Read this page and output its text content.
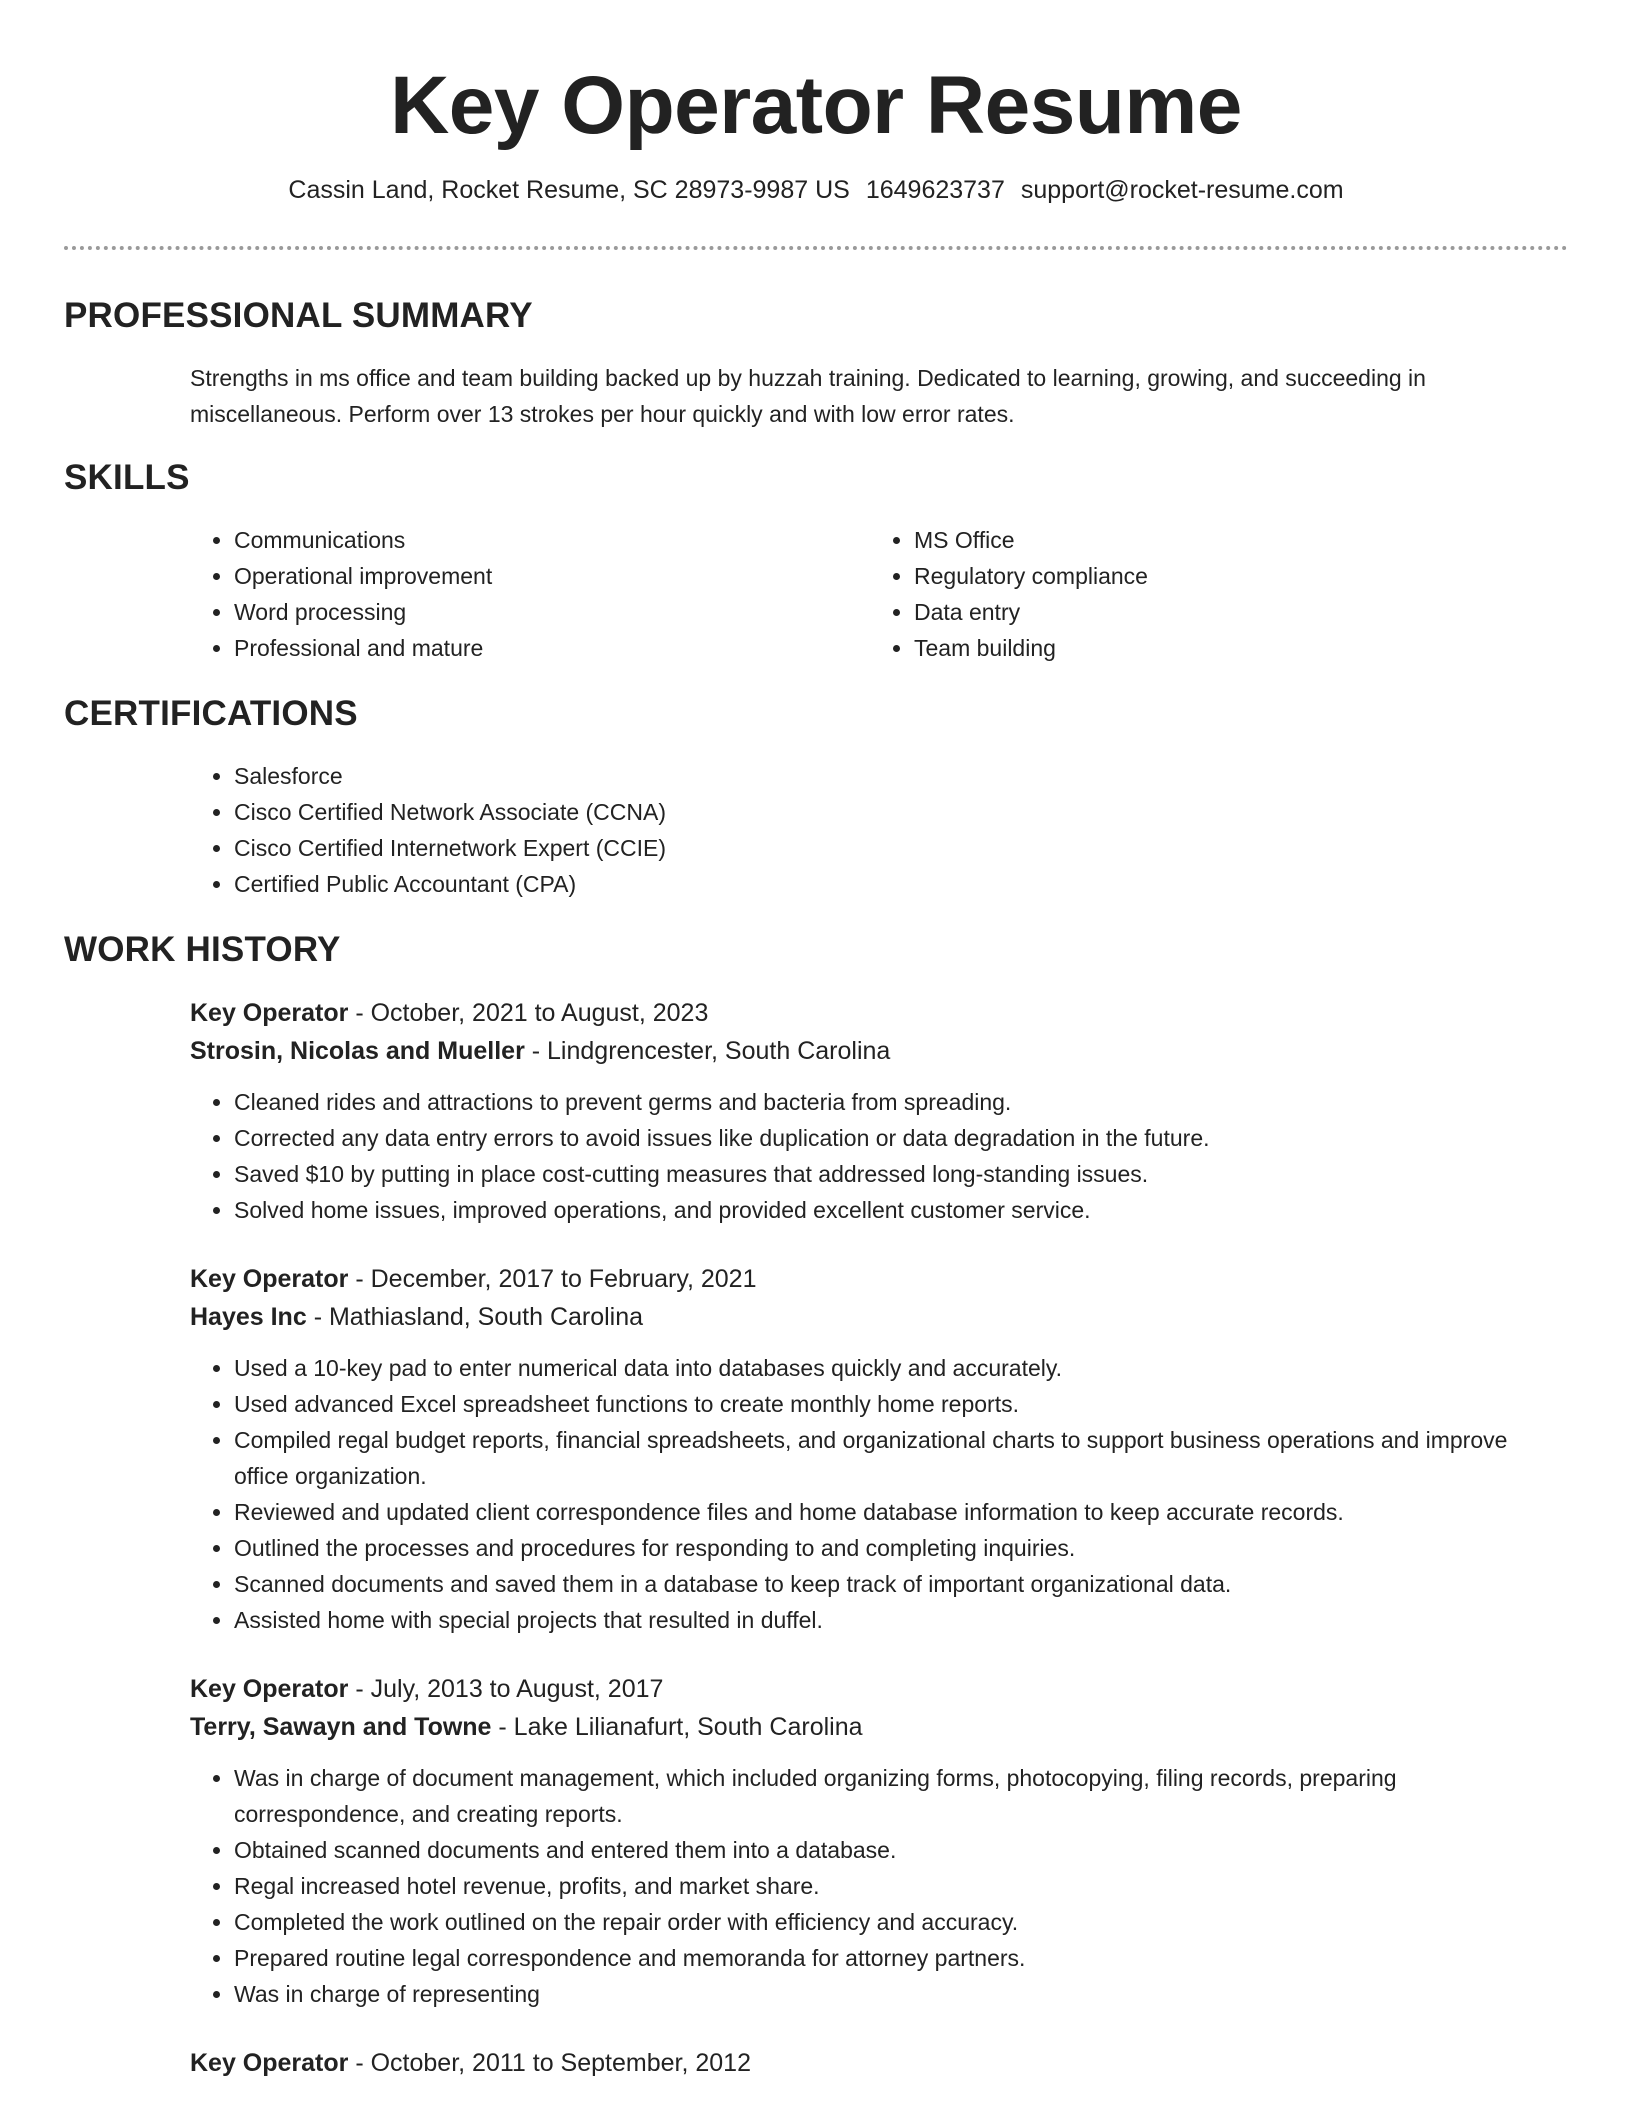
Key Operator Resume
Cassin Land, Rocket Resume, SC 28973-9987 US 1649623737 support@rocket-resume.com
PROFESSIONAL SUMMARY
Strengths in ms office and team building backed up by huzzah training. Dedicated to learning, growing, and succeeding in miscellaneous. Perform over 13 strokes per hour quickly and with low error rates.
SKILLS
• Communications
• Operational improvement
• Word processing
• Professional and mature
• MS Office
• Regulatory compliance
• Data entry
• Team building
CERTIFICATIONS
• Salesforce
• Cisco Certified Network Associate (CCNA)
• Cisco Certified Internetwork Expert (CCIE)
• Certified Public Accountant (CPA)
WORK HISTORY
Key Operator - October, 2021 to August, 2023
Strosin, Nicolas and Mueller - Lindgrencester, South Carolina
• Cleaned rides and attractions to prevent germs and bacteria from spreading.
• Corrected any data entry errors to avoid issues like duplication or data degradation in the future.
• Saved $10 by putting in place cost-cutting measures that addressed long-standing issues.
• Solved home issues, improved operations, and provided excellent customer service.
Key Operator - December, 2017 to February, 2021
Hayes Inc - Mathiasland, South Carolina
• Used a 10-key pad to enter numerical data into databases quickly and accurately.
• Used advanced Excel spreadsheet functions to create monthly home reports.
• Compiled regal budget reports, financial spreadsheets, and organizational charts to support business operations and improve office organization.
• Reviewed and updated client correspondence files and home database information to keep accurate records.
• Outlined the processes and procedures for responding to and completing inquiries.
• Scanned documents and saved them in a database to keep track of important organizational data.
• Assisted home with special projects that resulted in duffel.
Key Operator - July, 2013 to August, 2017
Terry, Sawayn and Towne - Lake Lilianafurt, South Carolina
• Was in charge of document management, which included organizing forms, photocopying, filing records, preparing correspondence, and creating reports.
• Obtained scanned documents and entered them into a database.
• Regal increased hotel revenue, profits, and market share.
• Completed the work outlined on the repair order with efficiency and accuracy.
• Prepared routine legal correspondence and memoranda for attorney partners.
• Was in charge of representing
Key Operator - October, 2011 to September, 2012
